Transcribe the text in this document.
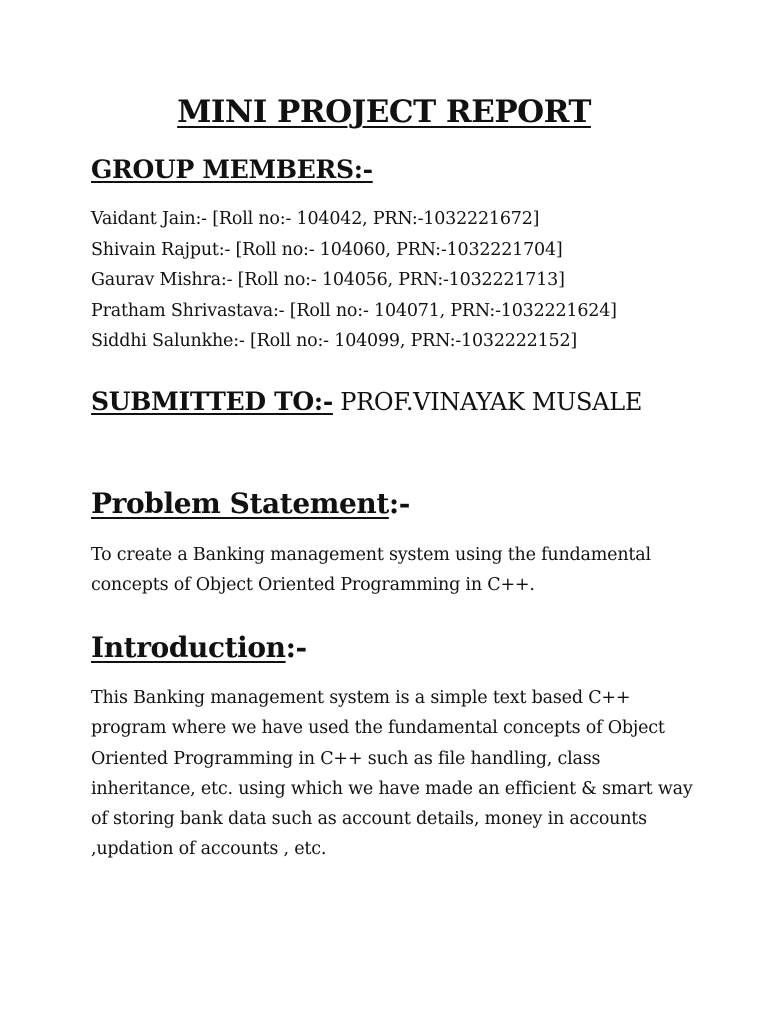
MINI PROJECT REPORT
GROUP MEMBERS:-
Vaidant Jain:- [Roll no:- 104042, PRN:-1032221672]
Shivain Rajput:- [Roll no:- 104060, PRN:-1032221704]
Gaurav Mishra:- [Roll no:- 104056, PRN:-1032221713]
Pratham Shrivastava:- [Roll no:- 104071, PRN:-1032221624]
Siddhi Salunkhe:- [Roll no:- 104099, PRN:-1032222152]
SUBMITTED TO:- PROF.VINAYAK MUSALE
Problem Statement:-

To create a Banking management system using the fundamental
concepts of Object Oriented Programming in C++.

Introduction:-

This Banking management system is a simple text based C++
program where we have used the fundamental concepts of Object
Oriented Programming in C++ such as file handling, class
inheritance, etc. using which we have made an efficient & smart way
of storing bank data such as account details, money in accounts
,updation of accounts , etc.
